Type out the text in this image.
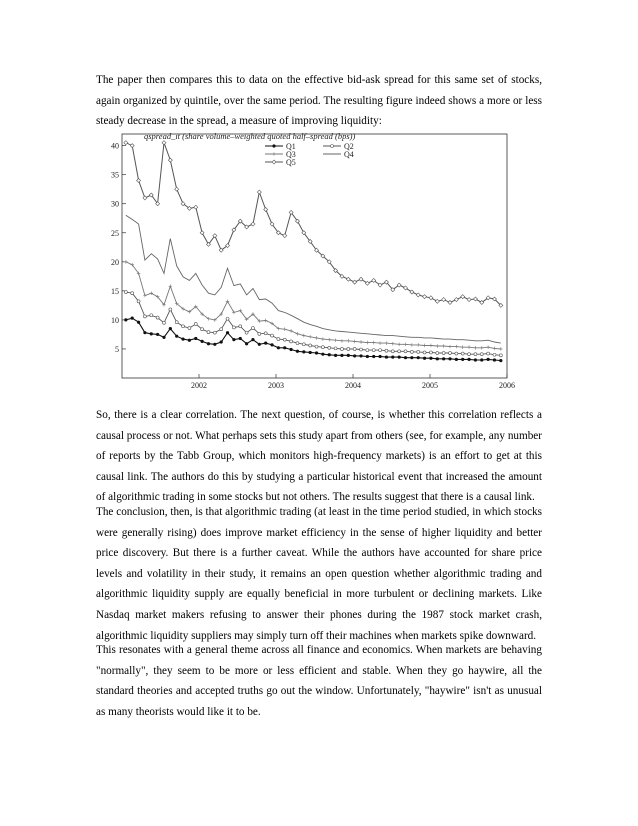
The paper then compares this to data on the effective bid-ask spread for this same set of stocks, again organized by quintile, over the same period. The resulting figure indeed shows a more or less steady decrease in the spread, a measure of improving liquidity:

qspread_it (share volume–weighted quoted half–spread (bps))
5
10
15
20
25
30
35
40
2002	2003	2004	2005	2006
Q1	Q2
Q3	Q4
Q5

So, there is a clear correlation. The next question, of course, is whether this correlation reflects a causal process or not. What perhaps sets this study apart from others (see, for example, any number of reports by the Tabb Group, which monitors high-frequency markets) is an effort to get at this causal link. The authors do this by studying a particular historical event that increased the amount of algorithmic trading in some stocks but not others. The results suggest that there is a causal link.

The conclusion, then, is that algorithmic trading (at least in the time period studied, in which stocks were generally rising) does improve market efficiency in the sense of higher liquidity and better price discovery. But there is a further caveat. While the authors have accounted for share price levels and volatility in their study, it remains an open question whether algorithmic trading and algorithmic liquidity supply are equally beneficial in more turbulent or declining markets. Like Nasdaq market makers refusing to answer their phones during the 1987 stock market crash, algorithmic liquidity suppliers may simply turn off their machines when markets spike downward.

This resonates with a general theme across all finance and economics. When markets are behaving "normally", they seem to be more or less efficient and stable. When they go haywire, all the standard theories and accepted truths go out the window. Unfortunately, "haywire" isn't as unusual as many theorists would like it to be.
